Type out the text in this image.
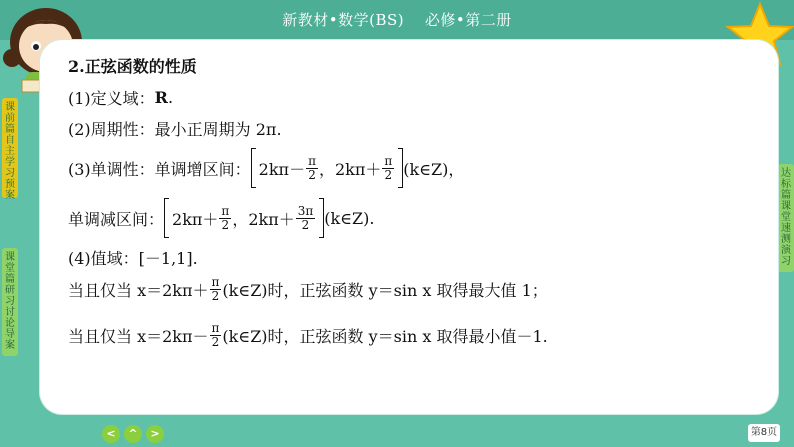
新教材•数学(BS)　 必修•第二册
课前篇自主学习预案
课堂篇研习讨论导案
达标篇课堂速测演习
2.正弦函数的性质
(1)定义域： R .
(2)周期性：最小正周期为 2π.
(3)单调性：单调增区间： $2k\pi- \frac{\pi}{2}$ ，$2k\pi+ \frac{\pi}{2}$ (k∈Z)，
单调减区间： $2k\pi+ \frac{\pi}{2}$ ，$2k\pi+ \frac{3\pi}{2}$ (k∈Z).
(4)值域：[－1,1].
当且仅当 $x=2k\pi+ \frac{\pi}{2}$ (k∈Z)时，正弦函数 y＝sin x 取得最大值 1；
当且仅当 $x=2k\pi- \frac{\pi}{2}$ (k∈Z)时，正弦函数 y＝sin x 取得最小值－1.
<	^	>	第8页
